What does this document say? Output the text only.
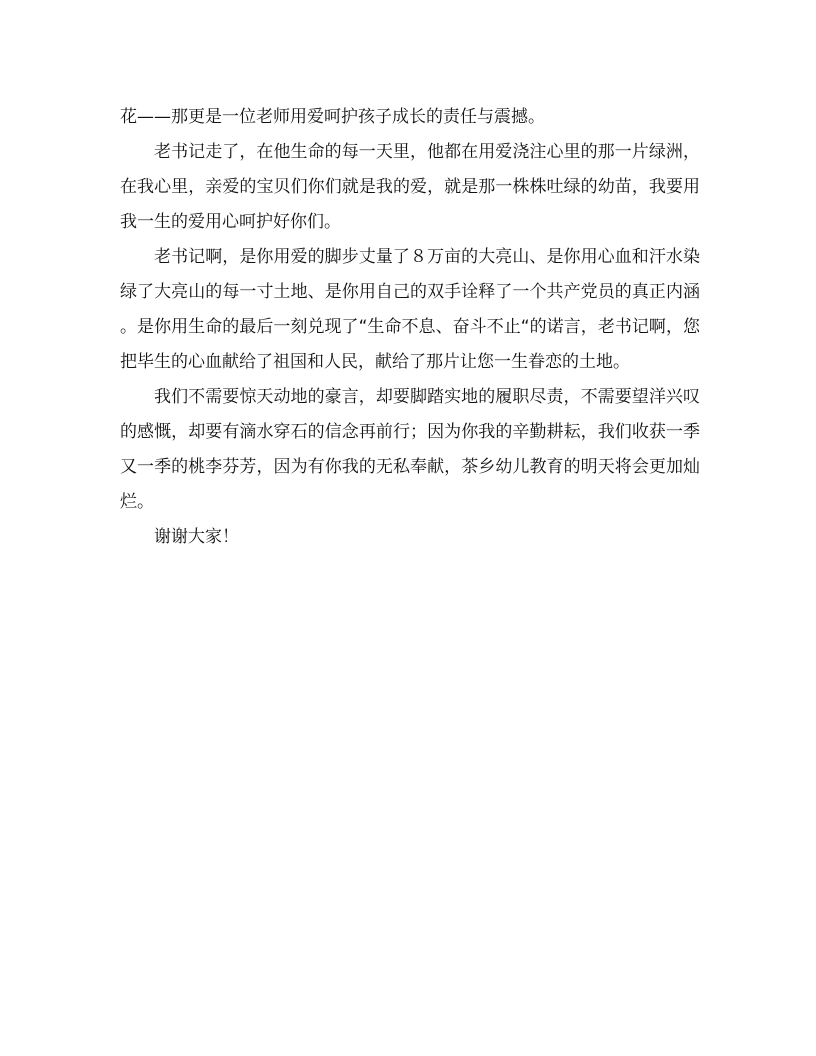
花——那更是一位老师用爱呵护孩子成长的责任与震撼。

老书记走了，在他生命的每一天里，他都在用爱浇注心里的那一片绿洲，在我心里，亲爱的宝贝们你们就是我的爱，就是那一株株吐绿的幼苗，我要用我一生的爱用心呵护好你们。

老书记啊，是你用爱的脚步丈量了８万亩的大亮山、是你用心血和汗水染绿了大亮山的每一寸土地、是你用自己的双手诠释了一个共产党员的真正内涵。是你用生命的最后一刻兑现了“生命不息、奋斗不止“的诺言，老书记啊，您把毕生的心血献给了祖国和人民，献给了那片让您一生眷恋的土地。

我们不需要惊天动地的豪言，却要脚踏实地的履职尽责，不需要望洋兴叹的感慨，却要有滴水穿石的信念再前行；因为你我的辛勤耕耘，我们收获一季又一季的桃李芬芳，因为有你我的无私奉献，茶乡幼儿教育的明天将会更加灿烂。

谢谢大家！
